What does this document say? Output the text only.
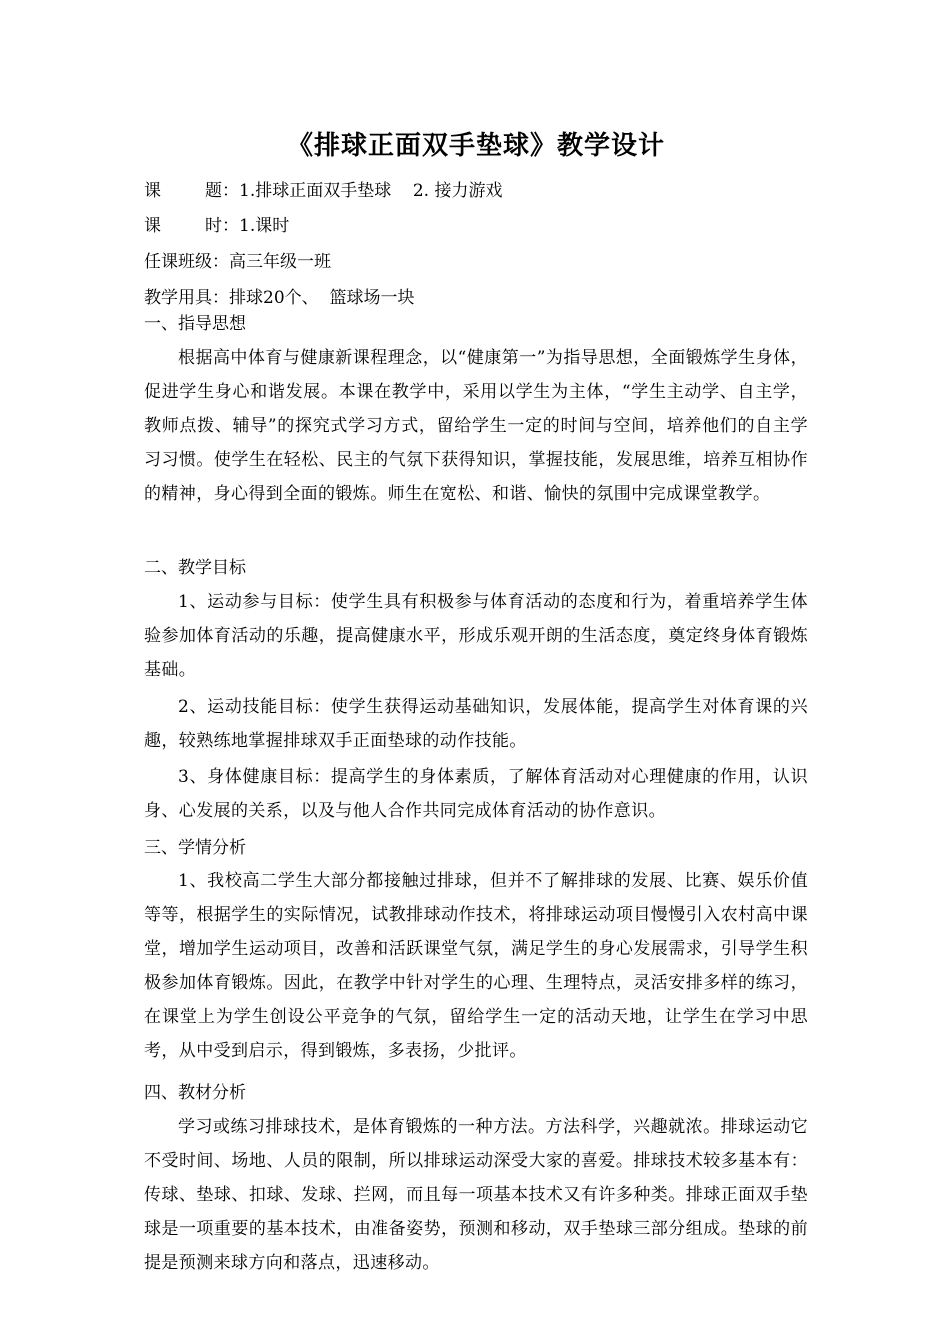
《排球正面双手垫球》教学设计
课	题： 1.排球正面双手垫球    2. 接力游戏
课	时： 1.课时
任课班级：高三年级一班
教学用具：排球20个、  篮球场一块
一、指导思想
根据高中体育与健康新课程理念，以“健康第一”为指导思想，全面锻炼学生身体，促进学生身心和谐发展。本课在教学中，采用以学生为主体，“学生主动学、自主学，教师点拨、辅导”的探究式学习方式，留给学生一定的时间与空间，培养他们的自主学习习惯。使学生在轻松、民主的气氛下获得知识，掌握技能，发展思维，培养互相协作的精神，身心得到全面的锻炼。师生在宽松、和谐、愉快的氛围中完成课堂教学。
二、教学目标
1、运动参与目标：使学生具有积极参与体育活动的态度和行为，着重培养学生体验参加体育活动的乐趣，提高健康水平，形成乐观开朗的生活态度，奠定终身体育锻炼基础。
2、运动技能目标：使学生获得运动基础知识，发展体能，提高学生对体育课的兴趣，较熟练地掌握排球双手正面垫球的动作技能。
3、身体健康目标：提高学生的身体素质，了解体育活动对心理健康的作用，认识身、心发展的关系，以及与他人合作共同完成体育活动的协作意识。
三、学情分析
1、我校高二学生大部分都接触过排球，但并不了解排球的发展、比赛、娱乐价值等等，根据学生的实际情况，试教排球动作技术，将排球运动项目慢慢引入农村高中课堂，增加学生运动项目，改善和活跃课堂气氛，满足学生的身心发展需求，引导学生积极参加体育锻炼。因此，在教学中针对学生的心理、生理特点，灵活安排多样的练习，在课堂上为学生创设公平竞争的气氛，留给学生一定的活动天地，让学生在学习中思考，从中受到启示，得到锻炼，多表扬，少批评。
四、教材分析
学习或练习排球技术，是体育锻炼的一种方法。方法科学，兴趣就浓。排球运动它不受时间、场地、人员的限制，所以排球运动深受大家的喜爱。排球技术较多基本有：传球、垫球、扣球、发球、拦网，而且每一项基本技术又有许多种类。排球正面双手垫球是一项重要的基本技术，由准备姿势，预测和移动，双手垫球三部分组成。垫球的前提是预测来球方向和落点，迅速移动。
